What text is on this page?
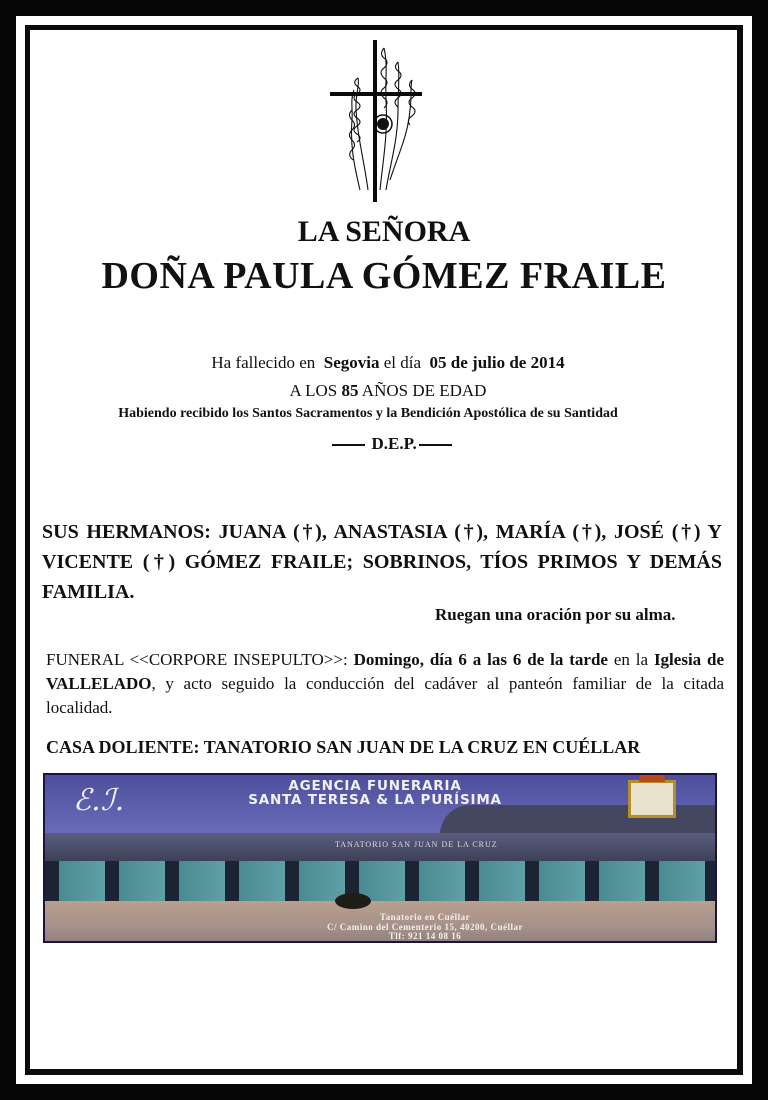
LA SEÑORA
DOÑA PAULA GÓMEZ FRAILE
Ha fallecido en Segovia el día 05 de julio de 2014
A LOS 85 AÑOS DE EDAD
Habiendo recibido los Santos Sacramentos y la Bendición Apostólica de su Santidad
D.E.P.
SUS HERMANOS: JUANA (†), ANASTASIA (†), MARÍA (†), JOSÉ (†) Y VICENTE (†) GÓMEZ FRAILE; SOBRINOS, TÍOS PRIMOS Y DEMÁS FAMILIA.
Ruegan una oración por su alma.
FUNERAL <<CORPORE INSEPULTO>>: Domingo, día 6 a las 6 de la tarde en la Iglesia de VALLELADO, y acto seguido la conducción del cadáver al panteón familiar de la citada localidad.
CASA DOLIENTE: TANATORIO SAN JUAN DE LA CRUZ EN CUÉLLAR
TANATORIO SAN JUAN DE LA CRUZ
ℰ.ℐ.	AGENCIA FUNERARIA
SANTA TERESA & LA PURÍSIMA
Tanatorio en Cuéllar
C/ Camino del Cementerio 15, 40200, Cuéllar
Tlf: 921 14 08 16
